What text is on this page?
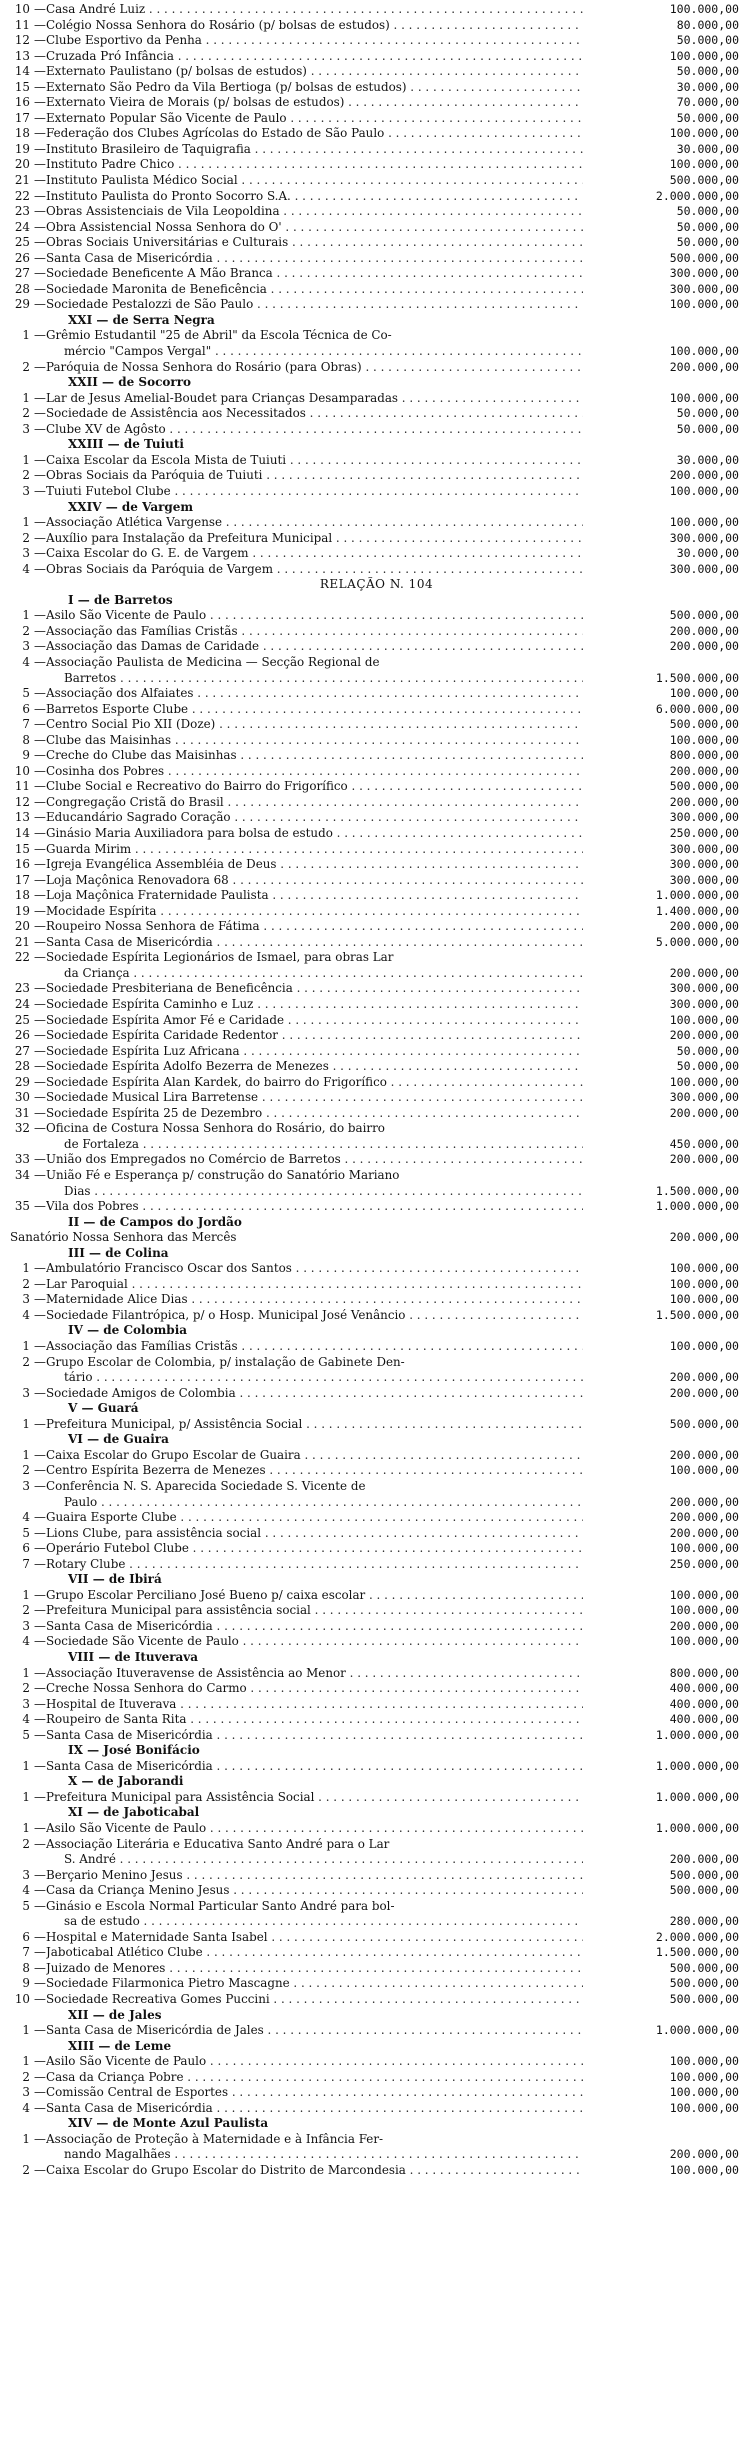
10 — Casa André Luiz . . .	100.000,00
11 — Colégio Nossa Senhora do Rosário (p/ bolsas de estudos) . . .	80.000,00
12 — Clube Esportivo da Penha . . .	50.000,00
13 — Cruzada Pró Infância . . .	100.000,00
14 — Externato Paulistano (p/ bolsas de estudos) . . .	50.000,00
15 — Externato São Pedro da Vila Bertioga (p/ bolsas de estudos) . . .	30.000,00
16 — Externato Vieira de Morais (p/ bolsas de estudos) . . .	70.000,00
17 — Externato Popular São Vicente de Paulo . . .	50.000,00
18 — Federação dos Clubes Agrícolas do Estado de São Paulo . . .	100.000,00
19 — Instituto Brasileiro de Taquigrafia . . .	30.000,00
20 — Instituto Padre Chico . . .	100.000,00
21 — Instituto Paulista Médico Social . . .	500.000,00
22 — Instituto Paulista do Pronto Socorro S.A. . . .	2.000.000,00
23 — Obras Assistenciais de Vila Leopoldina . . .	50.000,00
24 — Obra Assistencial Nossa Senhora do O' . . .	50.000,00
25 — Obras Sociais Universitárias e Culturais . . .	50.000,00
26 — Santa Casa de Misericórdia . . .	500.000,00
27 — Sociedade Beneficente A Mão Branca . . .	300.000,00
28 — Sociedade Maronita de Beneficência . . .	300.000,00
29 — Sociedade Pestalozzi de São Paulo . . .	100.000,00
XXI — de Serra Negra
1 — Grêmio Estudantil "25 de Abril" da Escola Técnica de Co-
mércio "Campos Vergal" . . .	100.000,00
2 — Paróquia de Nossa Senhora do Rosário (para Obras) . . .	200.000,00
XXII — de Socorro
1 — Lar de Jesus Amelial-Boudet para Crianças Desamparadas . . .	100.000,00
2 — Sociedade de Assistência aos Necessitados . . .	50.000,00
3 — Clube XV de Agôsto . . .	50.000,00
XXIII — de Tuiuti
1 — Caixa Escolar da Escola Mista de Tuiuti . . .	30.000,00
2 — Obras Sociais da Paróquia de Tuiuti . . .	200.000,00
3 — Tuiuti Futebol Clube . . .	100.000,00
XXIV — de Vargem
1 — Associação Atlética Vargense . . .	100.000,00
2 — Auxílio para Instalação da Prefeitura Municipal . . .	300.000,00
3 — Caixa Escolar do G. E. de Vargem . . .	30.000,00
4 — Obras Sociais da Paróquia de Vargem . . .	300.000,00
RELAÇÃO N. 104
I — de Barretos
1 — Asilo São Vicente de Paulo . . .	500.000,00
2 — Associação das Famílias Cristãs . . .	200.000,00
3 — Associação das Damas de Caridade . . .	200.000,00
4 — Associação Paulista de Medicina — Secção Regional de
Barretos . . .	1.500.000,00
5 — Associação dos Alfaiates . . .	100.000,00
6 — Barretos Esporte Clube . . .	6.000.000,00
7 — Centro Social Pio XII (Doze) . . .	500.000,00
8 — Clube das Maisinhas . . .	100.000,00
9 — Creche do Clube das Maisinhas . . .	800.000,00
10 — Cosinha dos Pobres . . .	200.000,00
11 — Clube Social e Recreativo do Bairro do Frigorífico . . .	500.000,00
12 — Congregação Cristã do Brasil . . .	200.000,00
13 — Educandário Sagrado Coração . . .	300.000,00
14 — Ginásio Maria Auxiliadora para bolsa de estudo . . .	250.000,00
15 — Guarda Mirim . . .	300.000,00
16 — Igreja Evangélica Assembléia de Deus . . .	300.000,00
17 — Loja Maçônica Renovadora 68 . . .	300.000,00
18 — Loja Maçônica Fraternidade Paulista . . .	1.000.000,00
19 — Mocidade Espírita . . .	1.400.000,00
20 — Roupeiro Nossa Senhora de Fátima . . .	200.000,00
21 — Santa Casa de Misericórdia . . .	5.000.000,00
22 — Sociedade Espírita Legionários de Ismael, para obras Lar
da Criança . . .	200.000,00
23 — Sociedade Presbiteriana de Beneficência . . .	300.000,00
24 — Sociedade Espírita Caminho e Luz . . .	300.000,00
25 — Sociedade Espírita Amor Fé e Caridade . . .	100.000,00
26 — Sociedade Espírita Caridade Redentor . . .	200.000,00
27 — Sociedade Espírita Luz Africana . . .	50.000,00
28 — Sociedade Espírita Adolfo Bezerra de Menezes . . .	50.000,00
29 — Sociedade Espírita Alan Kardek, do bairro do Frigorífico . . .	100.000,00
30 — Sociedade Musical Lira Barretense . . .	300.000,00
31 — Sociedade Espírita 25 de Dezembro . . .	200.000,00
32 — Oficina de Costura Nossa Senhora do Rosário, do bairro
de Fortaleza . . .	450.000,00
33 — União dos Empregados no Comércio de Barretos . . .	200.000,00
34 — União Fé e Esperança p/ construção do Sanatório Mariano
Dias . . .	1.500.000,00
35 — Vila dos Pobres . . .	1.000.000,00
II — de Campos do Jordão
Sanatório Nossa Senhora das Mercês	200.000,00
III — de Colina
1 — Ambulatório Francisco Oscar dos Santos . . .	100.000,00
2 — Lar Paroquial . . .	100.000,00
3 — Maternidade Alice Dias . . .	100.000,00
4 — Sociedade Filantrópica, p/ o Hosp. Municipal José Venâncio . . .	1.500.000,00
IV — de Colombia
1 — Associação das Famílias Cristãs . . .	100.000,00
2 — Grupo Escolar de Colombia, p/ instalação de Gabinete Den-
tário . . .	200.000,00
3 — Sociedade Amigos de Colombia . . .	200.000,00
V — Guará
1 — Prefeitura Municipal, p/ Assistência Social . . .	500.000,00
VI — de Guaira
1 — Caixa Escolar do Grupo Escolar de Guaira . . .	200.000,00
2 — Centro Espírita Bezerra de Menezes . . .	100.000,00
3 — Conferência N. S. Aparecida Sociedade S. Vicente de
Paulo . . .	200.000,00
4 — Guaira Esporte Clube . . .	200.000,00
5 — Lions Clube, para assistência social . . .	200.000,00
6 — Operário Futebol Clube . . .	100.000,00
7 — Rotary Clube . . .	250.000,00
VII — de Ibirá
1 — Grupo Escolar Perciliano José Bueno p/ caixa escolar . . .	100.000,00
2 — Prefeitura Municipal para assistência social . . .	100.000,00
3 — Santa Casa de Misericórdia . . .	200.000,00
4 — Sociedade São Vicente de Paulo . . .	100.000,00
VIII — de Ituverava
1 — Associação Ituveravense de Assistência ao Menor . . .	800.000,00
2 — Creche Nossa Senhora do Carmo . . .	400.000,00
3 — Hospital de Ituverava . . .	400.000,00
4 — Roupeiro de Santa Rita . . .	400.000,00
5 — Santa Casa de Misericórdia . . .	1.000.000,00
IX — José Bonifácio
1 — Santa Casa de Misericórdia . . .	1.000.000,00
X — de Jaborandi
1 — Prefeitura Municipal para Assistência Social . . .	1.000.000,00
XI — de Jaboticabal
1 — Asilo São Vicente de Paulo . . .	1.000.000,00
2 — Associação Literária e Educativa Santo André para o Lar
S. André . . .	200.000,00
3 — Berçario Menino Jesus . . .	500.000,00
4 — Casa da Criança Menino Jesus . . .	500.000,00
5 — Ginásio e Escola Normal Particular Santo André para bol-
sa de estudo . . .	280.000,00
6 — Hospital e Maternidade Santa Isabel . . .	2.000.000,00
7 — Jaboticabal Atlético Clube . . .	1.500.000,00
8 — Juizado de Menores . . .	500.000,00
9 — Sociedade Filarmonica Pietro Mascagne . . .	500.000,00
10 — Sociedade Recreativa Gomes Puccini . . .	500.000,00
XII — de Jales
1 — Santa Casa de Misericórdia de Jales . . .	1.000.000,00
XIII — de Leme
1 — Asilo São Vicente de Paulo . . .	100.000,00
2 — Casa da Criança Pobre . . .	100.000,00
3 — Comissão Central de Esportes . . .	100.000,00
4 — Santa Casa de Misericórdia . . .	100.000,00
XIV — de Monte Azul Paulista
1 — Associação de Proteção à Maternidade e à Infância Fer-
nando Magalhães . . .	200.000,00
2 — Caixa Escolar do Grupo Escolar do Distrito de Marcondesia . . .	100.000,00
